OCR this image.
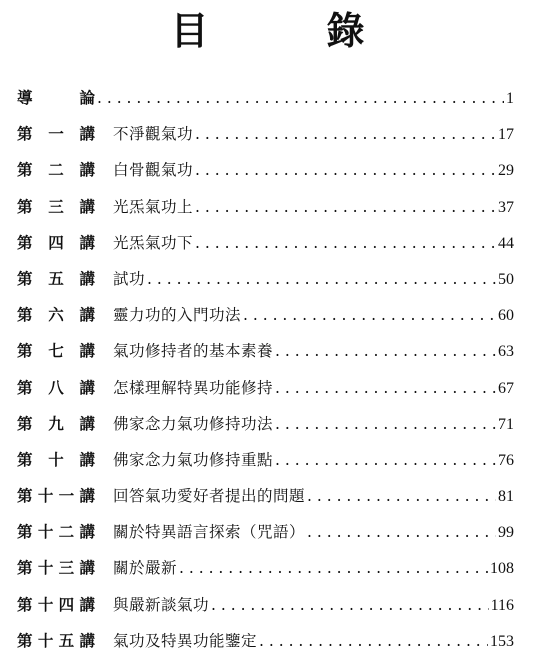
目　錄
導	論 . . .	1
第 一 講 不淨觀氣功 . . .	17
第 二 講 白骨觀氣功 . . .	29
第 三 講 光炁氣功上 . . .	37
第 四 講 光炁氣功下 . . .	44
第 五 講 試功 . . .	50
第 六 講 靈力功的入門功法 . . .	60
第 七 講 氣功修持者的基本素養 . . .	63
第 八 講 怎樣理解特異功能修持 . . .	67
第 九 講 佛家念力氣功修持功法 . . .	71
第 十 講 佛家念力氣功修持重點 . . .	76
第 十 一 講 回答氣功愛好者提出的問題 . . .	81
第 十 二 講 關於特異語言探索（咒語） . . .	99
第 十 三 講 關於嚴新 . . .	108
第 十 四 講 與嚴新談氣功 . . .	116
第 十 五 講 氣功及特異功能鑒定 . . .	153
